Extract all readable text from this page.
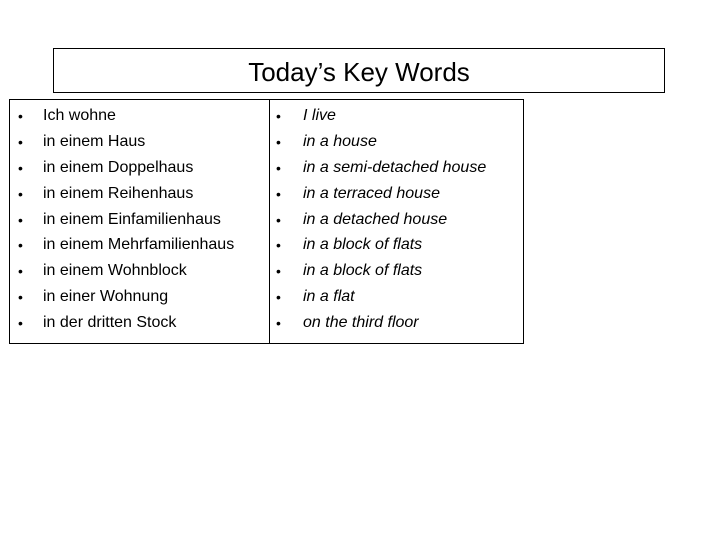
Today’s Key Words
• Ich wohne
• in einem Haus
• in einem Doppelhaus
• in einem Reihenhaus
• in einem Einfamilienhaus
• in einem Mehrfamilienhaus
• in einem Wohnblock
• in einer Wohnung
• in der dritten Stock
• I live
• in a house
• in a semi-detached house
• in a terraced house
• in a detached house
• in a block of flats
• in a block of flats
• in a flat
• on the third floor
